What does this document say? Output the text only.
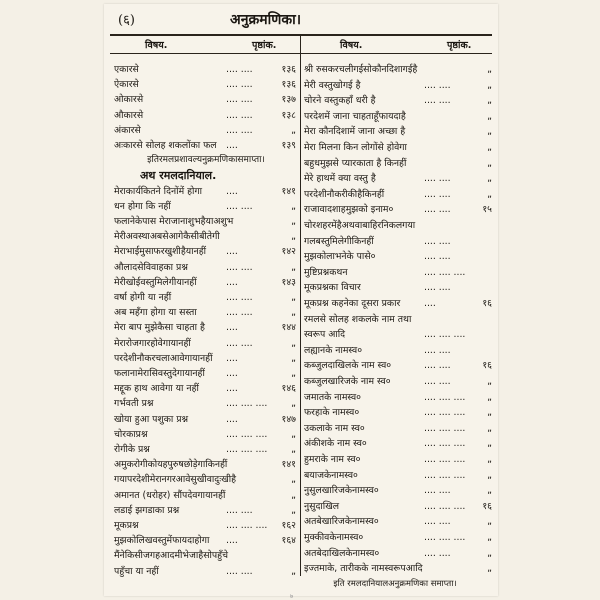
(६)	अनुक्रमणिका।
विषय.	पृष्ठांक.	विषय.	पृष्ठांक.
एकारसे	.... ....	१३६
ऐकारसे	.... ....	१३६
ओकारसे	.... ....	१३७
औकारसे	.... ....	१३८
अंकारसे	.... ....	„
अःकारसे सोलह शकलोंका फल ....	१३९
इतिरमलप्रशावल्यनुक्रमणिकासमाप्ता।
अथ रमलदानियाल.
मेराकार्यकितने दिनोंमें होगा	....	१४१
धन होगा कि नहीं	.... ....	„
फलानेकेपास मेराजानाशुभहैयाअशुभ	„
मेरीअवस्थाअबसेआगेकैसीबीतेगी	„
मेराभाईमुसाफरखुशीहैयानहीं ....	१४२
औलादसेविवाहका प्रश्न	.... ....	„
मेरीखोईवस्तुमिलेगीयानहीं	....	१४३
वर्षा होगी या नहीं	.... ....	„
अब महँगा होगा या सस्ता	.... ....	„
मेरा बाप मुझेकैसा चाहता है ....	१४४
मेरारोजगारहोवेगायानहीं	.... ....	„
परदेशीनौकरचलाआवेगायानहीं ....	„
फलानामेरासिवस्तुदेगायानहीं ....	„
मद्दूक हाथ आवेगा या नहीं	....	१४६
गर्भवती प्रश्न	.... .... ....	„
खोया हुआ पशुका प्रश्न	....	१४७
चोरकाप्रश्न	.... .... ....	„
रोगीके प्रश्न	.... .... ....	„
अमुकरोगीकोयहपुरुषछोड़ेगाकिनहीं	१४१
गयापरदेशीमेरानगरआवेसुखीवादुःखीहै	„
अमानत (धरोहर) सौंपदेवगायानहीं	„
लडाई झगडाका प्रश्न	.... ....	„
मूकप्रश्न	.... .... ....	१६२
मुझकोलिखवस्तुमेंफायदाहोगा ....	१६४
मैंनेकिसीजगहआदमीभेजाहैसोपहुँचे
पहुँचा या नहीं	.... ....	„
श्री रुसकरचलीगईसोकौनदिशागईहै	„
मेरी वस्तुखोगई है	.... ....	„
चोरने वस्तुकहाँ धरी है	.... ....	„
परदेशमें जाना चाहताहूँफायदाहै	„
मेरा कौनदिशामें जाना अच्छा है	„
मेरा मिलना किन लोगोंसे होवेगा	„
बहुधमुझसे प्यारकाता है किनहीं	„
मेरे हाथमें क्या वस्तु है	.... ....	„
परदेशीनौकरीकीहैकिनहीं	.... ....	„
राजावादशाहमुझको इनाम०	.... ....	१५
चोरशहरमेंहैअथवाबाहिरनिकलगया
गलबस्तुमिलेगीकिनहीं	.... ....
मुझकोलाभनेके पासे०	.... ....
मुष्टिप्रश्नकथन	.... .... ....
मूकप्रश्नका विचार	.... ....
मूकप्रश्न कहनेका दूसरा प्रकार	....	१६
रमलसे सोलह शकलके नाम तथा
स्वरूप आदि	.... .... ....
लह्यानके नामस्व०	.... ....
कब्जुलदाखिलके नाम स्व०	.... ....	१६
कब्जुलखारिजके नाम स्व०	.... ....	„
जमातके नामस्व०	.... .... ....	„
फरहाके नामस्व०	.... .... ....	„
उकलाके नाम स्व०	.... .... ....	„
अंकीशके नाम स्व०	.... .... ....	„
हुमराके नाम स्व०	.... .... ....	„
बयाजकेनामस्व०	.... .... ....	„
नुसुलखारिजकेनामस्व०	.... ....	„
नुसुदाखिल	.... .... ....	१६
अतबेखारिजकेनामस्व०	.... ....	„
मुक्कीवकेनामस्व०	.... .... ....	„
अतबेदाखिलकेनामस्व०	.... ....	„
इज्तमाके, तारीकके नामस्वरूपआदि	„
इति रमलदानियालअनुक्रमणिका समाप्ता।
७
